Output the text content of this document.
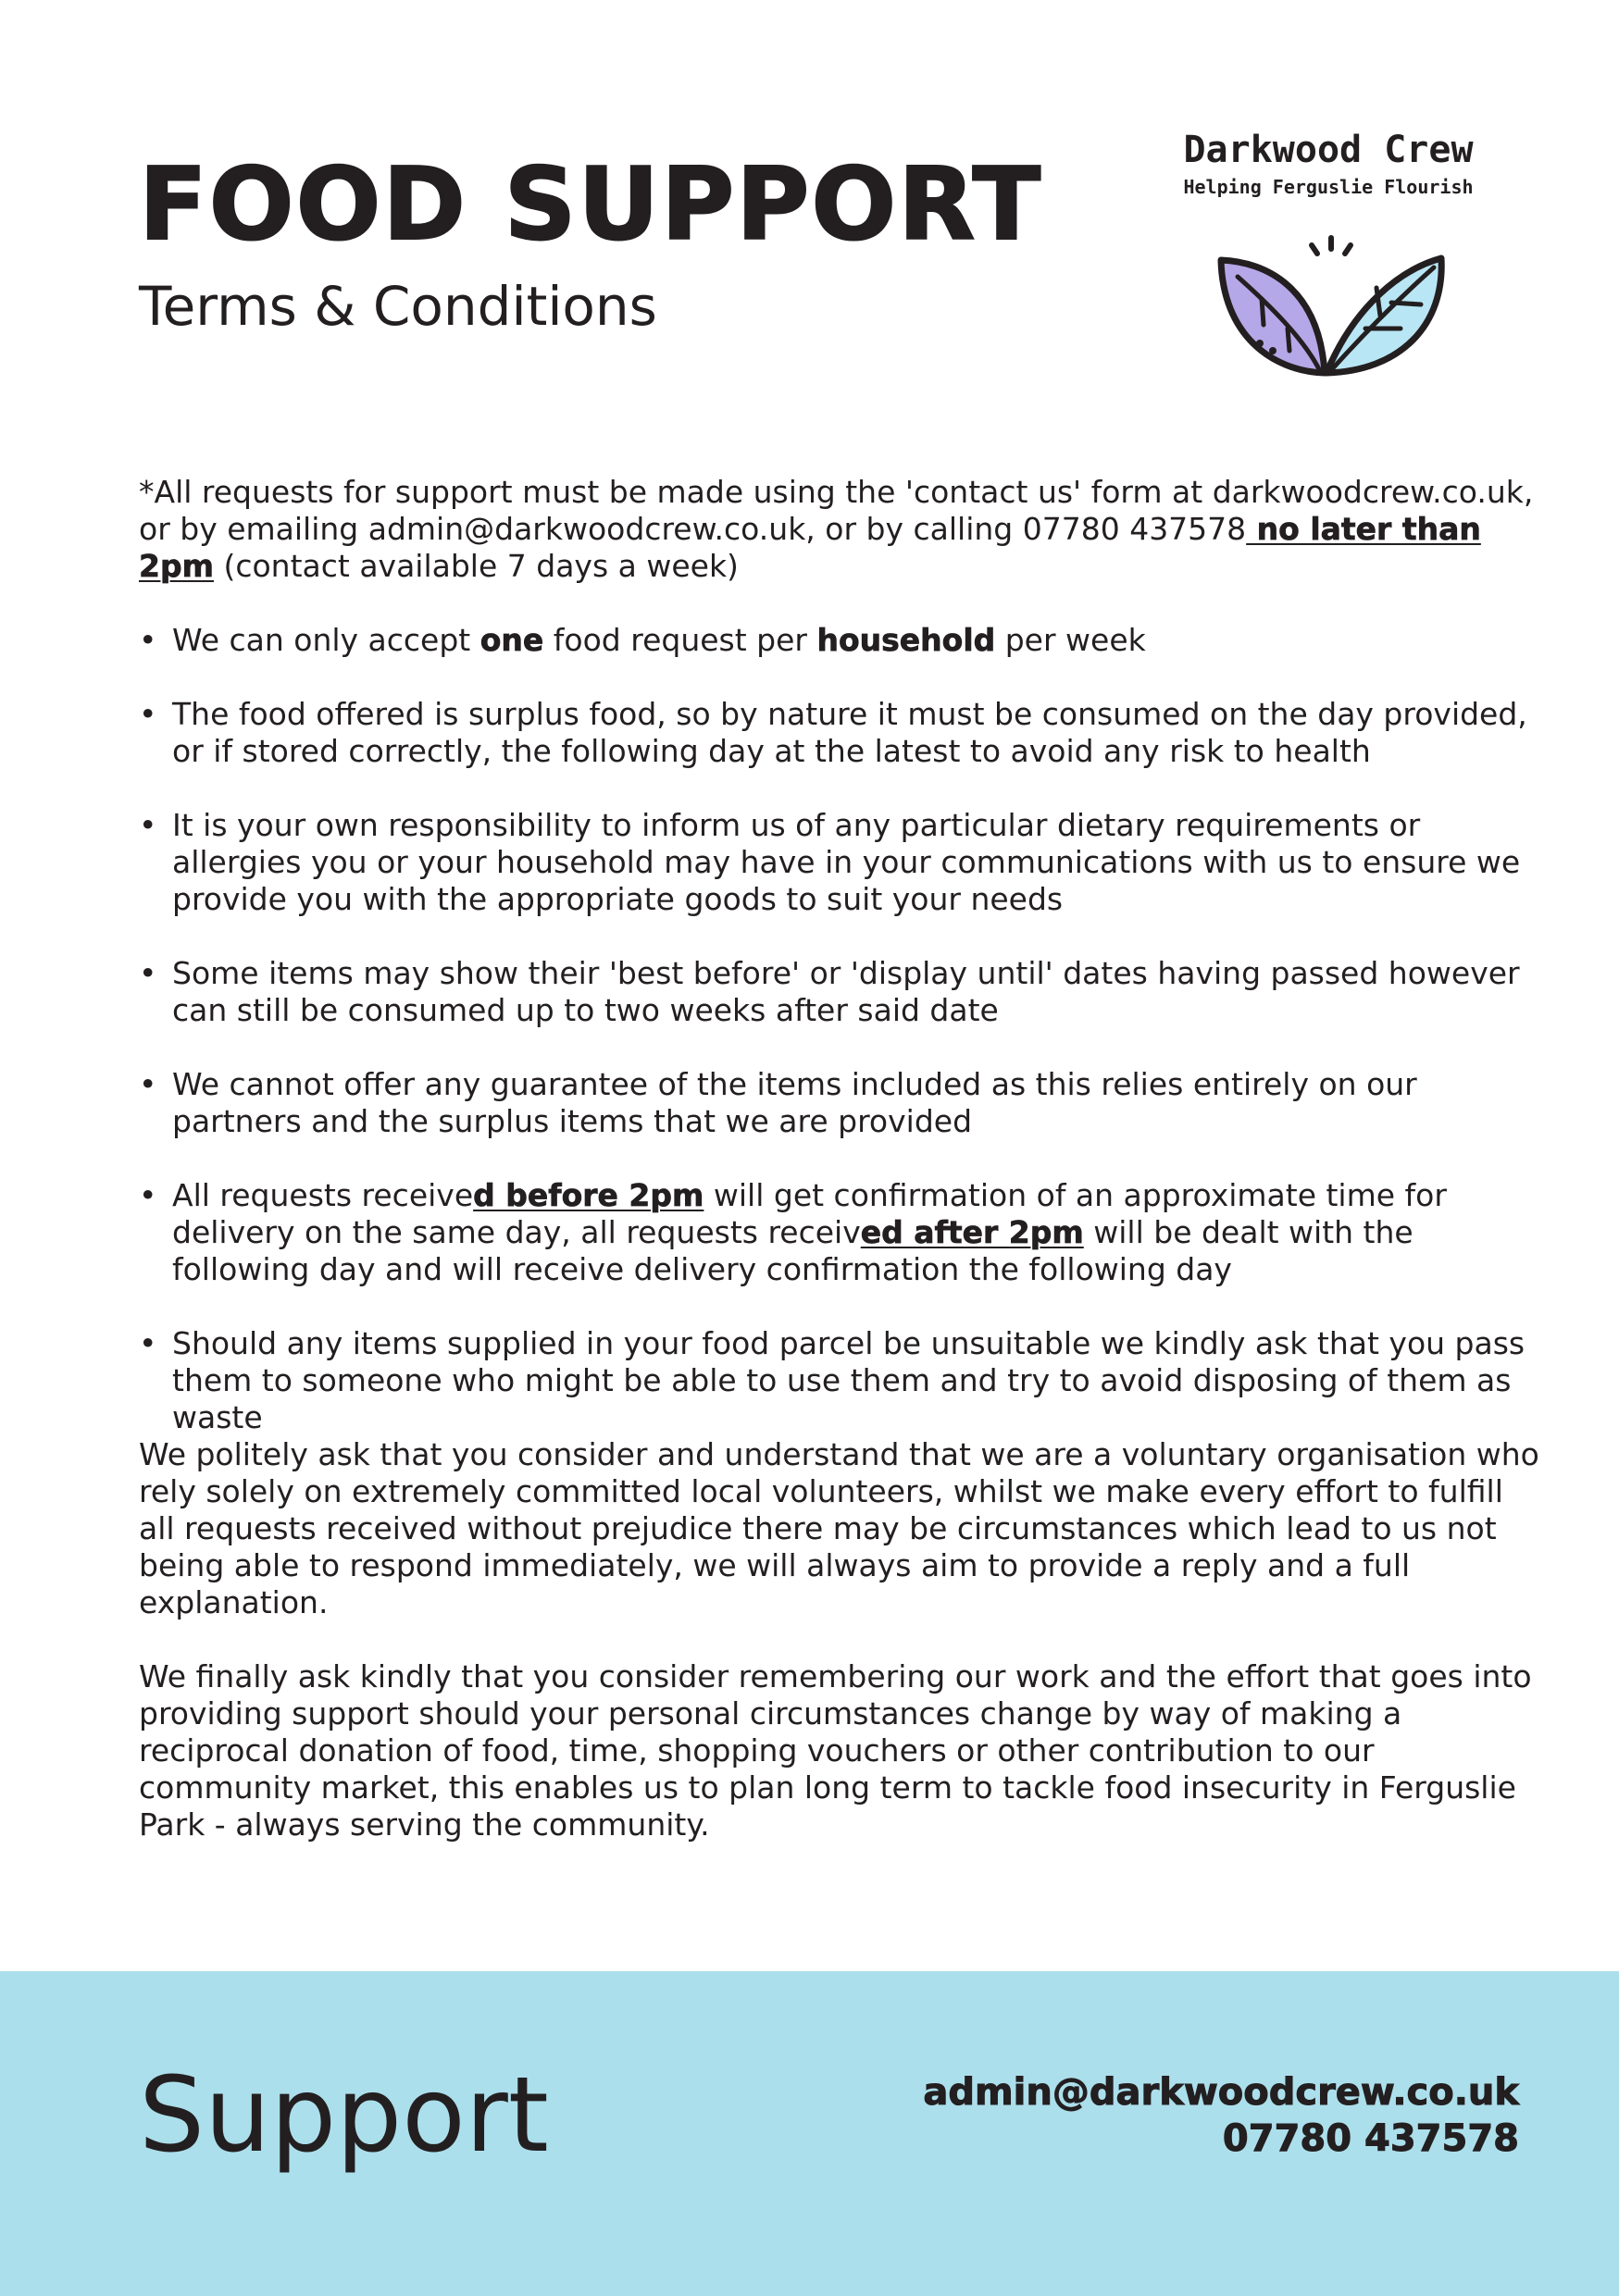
FOOD SUPPORT
Terms & Conditions
Darkwood Crew
Helping Ferguslie Flourish

*All requests for support must be made using the 'contact us' form at darkwoodcrew.co.uk, or by emailing admin@darkwoodcrew.co.uk, or by calling 07780 437578 no later than 2pm (contact available 7 days a week)

• We can only accept one food request per household per week
• The food offered is surplus food, so by nature it must be consumed on the day provided, or if stored correctly, the following day at the latest to avoid any risk to health
• It is your own responsibility to inform us of any particular dietary requirements or allergies you or your household may have in your communications with us to ensure we provide you with the appropriate goods to suit your needs
• Some items may show their 'best before' or 'display until' dates having passed however can still be consumed up to two weeks after said date
• We cannot offer any guarantee of the items included as this relies entirely on our partners and the surplus items that we are provided
• All requests received before 2pm will get confirmation of an approximate time for delivery on the same day, all requests received after 2pm will be dealt with the following day and will receive delivery confirmation the following day
• Should any items supplied in your food parcel be unsuitable we kindly ask that you pass them to someone who might be able to use them and try to avoid disposing of them as waste

We politely ask that you consider and understand that we are a voluntary organisation who rely solely on extremely committed local volunteers, whilst we make every effort to fulfill all requests received without prejudice there may be circumstances which lead to us not being able to respond immediately, we will always aim to provide a reply and a full explanation.

We finally ask kindly that you consider remembering our work and the effort that goes into providing support should your personal circumstances change by way of making a reciprocal donation of food, time, shopping vouchers or other contribution to our community market, this enables us to plan long term to tackle food insecurity in Ferguslie Park - always serving the community.

Support	admin@darkwoodcrew.co.uk
07780 437578
